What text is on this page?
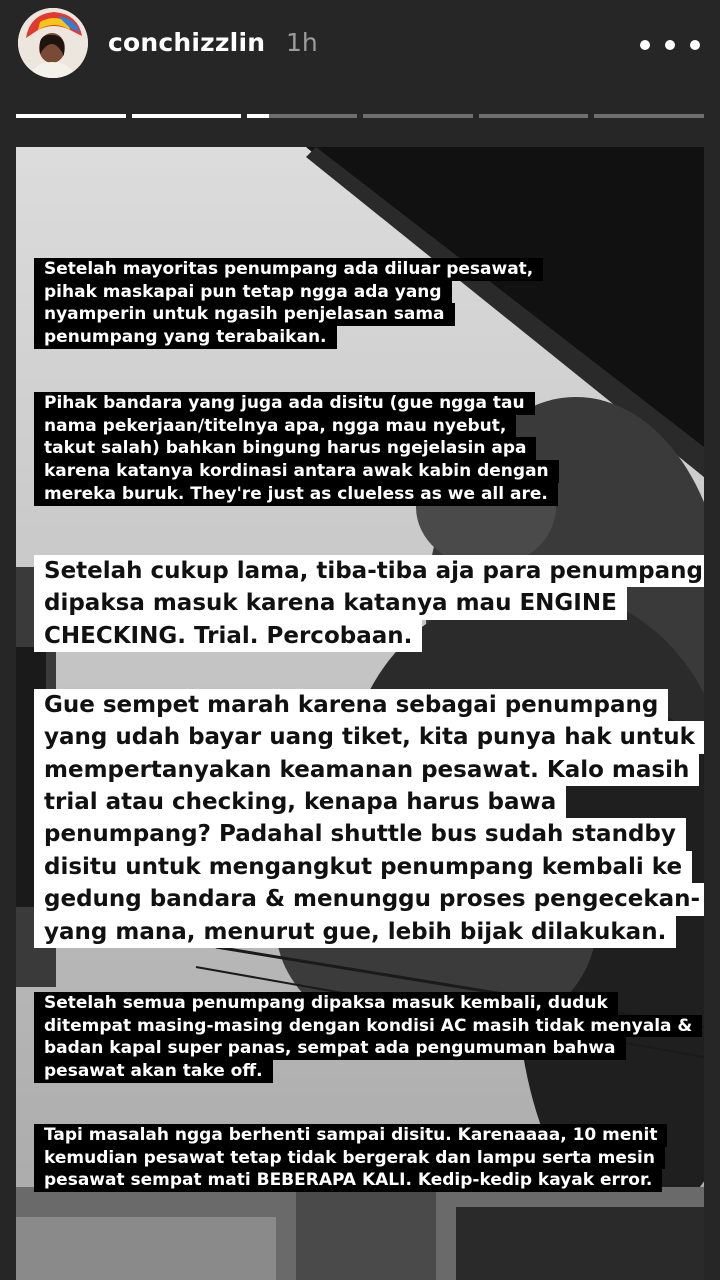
conchizzlin 1h
Setelah mayoritas penumpang ada diluar pesawat,
pihak maskapai pun tetap ngga ada yang
nyamperin untuk ngasih penjelasan sama
penumpang yang terabaikan.
Pihak bandara yang juga ada disitu (gue ngga tau
nama pekerjaan/titelnya apa, ngga mau nyebut,
takut salah) bahkan bingung harus ngejelasin apa
karena katanya kordinasi antara awak kabin dengan
mereka buruk. They're just as clueless as we all are.
Setelah cukup lama, tiba-tiba aja para penumpang
dipaksa masuk karena katanya mau ENGINE
CHECKING. Trial. Percobaan.
Gue sempet marah karena sebagai penumpang
yang udah bayar uang tiket, kita punya hak untuk
mempertanyakan keamanan pesawat. Kalo masih
trial atau checking, kenapa harus bawa
penumpang? Padahal shuttle bus sudah standby
disitu untuk mengangkut penumpang kembali ke
gedung bandara & menunggu proses pengecekan-
yang mana, menurut gue, lebih bijak dilakukan.
Setelah semua penumpang dipaksa masuk kembali, duduk
ditempat masing-masing dengan kondisi AC masih tidak menyala &
badan kapal super panas, sempat ada pengumuman bahwa
pesawat akan take off.
Tapi masalah ngga berhenti sampai disitu. Karenaaaa, 10 menit
kemudian pesawat tetap tidak bergerak dan lampu serta mesin
pesawat sempat mati BEBERAPA KALI. Kedip-kedip kayak error.
